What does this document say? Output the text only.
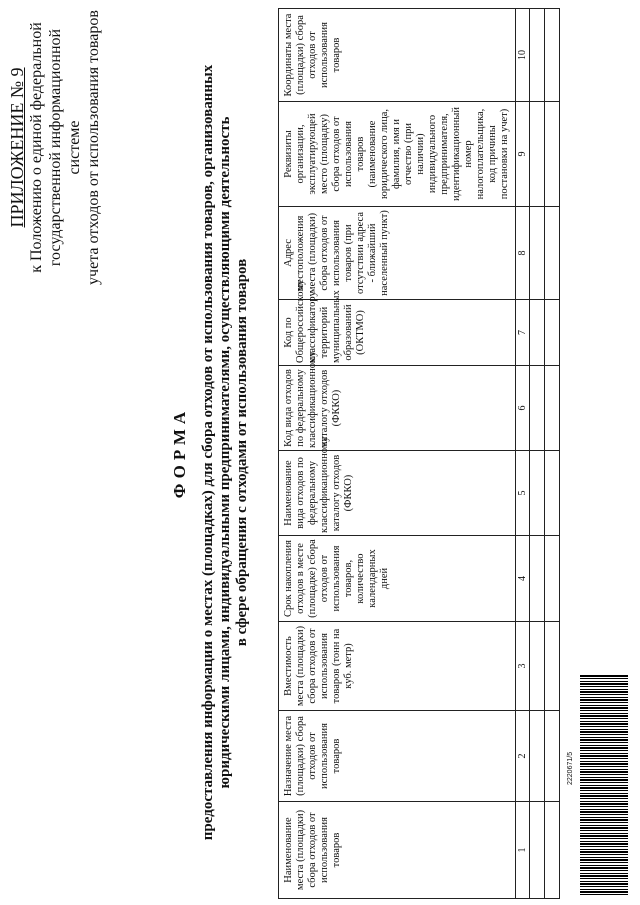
ПРИЛОЖЕНИЕ № 9 к Положению о единой федеральной государственной информационной системе учета отходов от использования товаров
ФОРМА предоставления информации о местах (площадках) для сбора отходов от использования товаров, организованных юридическими лицами, индивидуальными предпринимателями, осуществляющими деятельность в сфере обращения с отходами от использования товаров
Наименование места (площадки) сбора отходов от использования товаров	Назначение места (площадки) сбора отходов от использования товаров	Вместимость места (площадки) сбора отходов от использования товаров (тонн на куб. метр)	Срок накопления отходов в месте (площадке) сбора отходов от использования товаров, количество календарных дней	Наименование вида отходов по федеральному классификационному каталогу отходов (ФККО)	Код вида отходов по федеральному классификационному каталогу отходов (ФККО)	Код по Общероссийскому классификатору территорий муниципальных образований (ОКТМО)	Адрес местоположения места (площадки) сбора отходов от использования товаров (при отсутствии адреса - ближайший населенный пункт)	Реквизиты организации, эксплуатирующей место (площадку) сбора отходов от использования товаров (наименование юридического лица, фамилия, имя и отчество (при наличии) индивидуального предпринимателя, идентификационный номер налогоплательщика, код причины постановки на учет)	Координаты места (площадки) сбора отходов от использования товаров
1	2	3	4	5	6	7	8	9	10

2220671/5
